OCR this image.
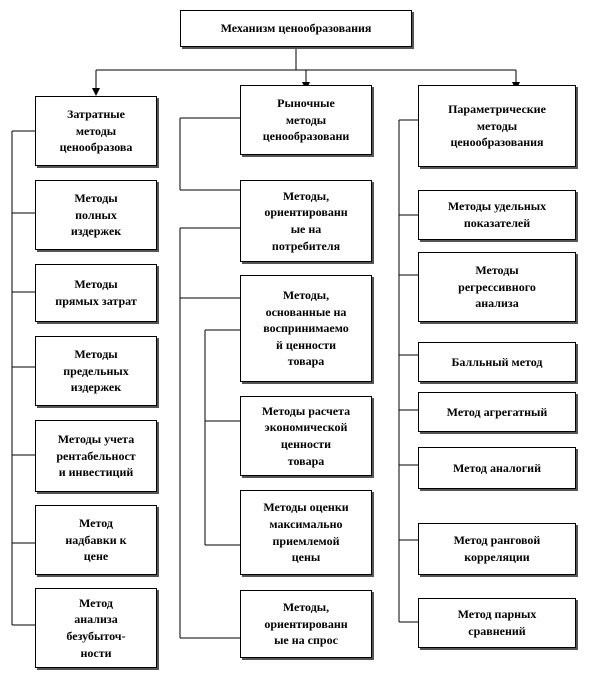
Механизм ценообразования
Затратные
методы
ценообразова
Методы
полных
издержек
Методы
прямых затрат
Методы
предельных
издержек
Методы учета
рентабельност
и инвестиций
Метод
надбавки к
цене
Метод
анализа
безубыточ-
ности
Рыночные
методы
ценообразовани
Методы,
ориентированн
ые на
потребителя
Методы,
основанные на
воспринимаемо
й ценности
товара
Методы расчета
экономической
ценности
товара
Методы оценки
максимально
приемлемой
цены
Методы,
ориентированн
ые на спрос
Параметрические
методы
ценообразования
Методы удельных
показателей
Методы
регрессивного
анализа
Балльный метод
Метод агрегатный
Метод аналогий
Метод ранговой
корреляции
Метод парных
сравнений
